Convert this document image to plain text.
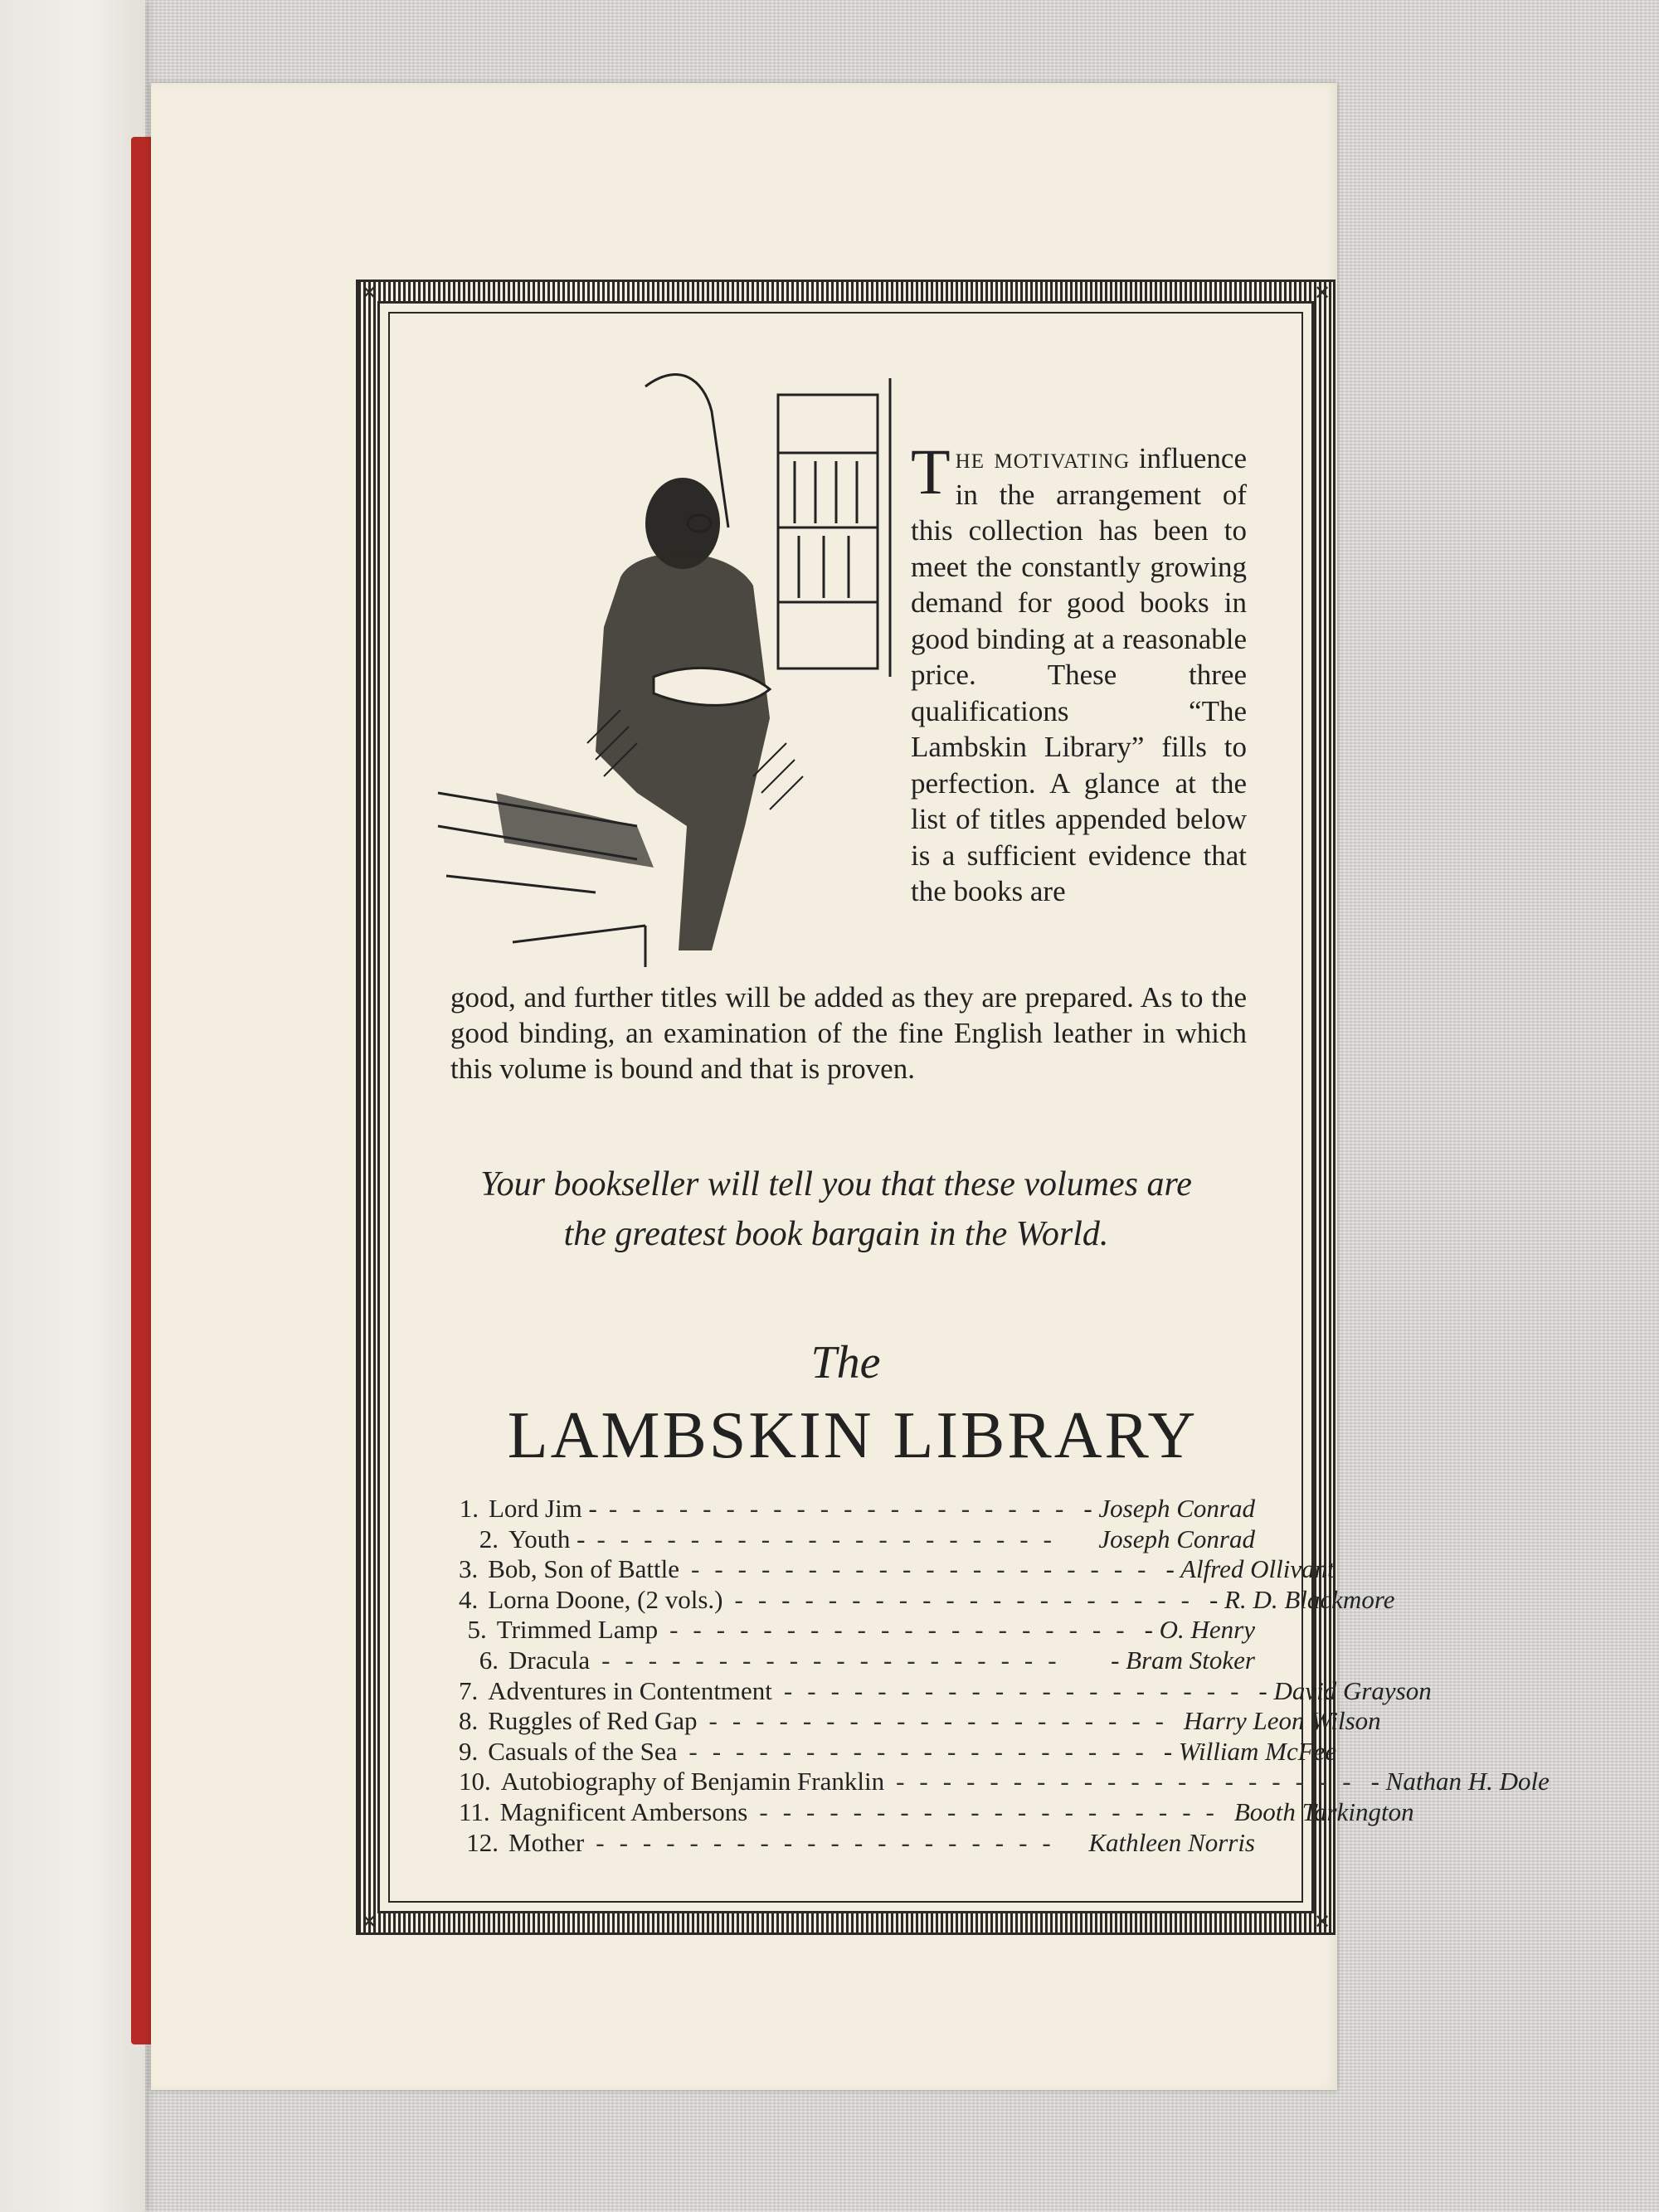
✕	✕
✕	✕
The motivating influence in the arrangement of this collection has been to meet the constantly growing demand for good books in good binding at a reasonable price. These three qualifications “The Lambskin Library” fills to perfection. A glance at the list of titles appended below is a sufficient evidence that the books are
good, and further titles will be added as they are prepared. As to the good binding, an examination of the fine English leather in which this volume is bound and that is proven.
Your bookseller will tell you that these volumes are the greatest book bargain in the World.
The
LAMBSKIN LIBRARY
1. Lord Jim - -------------------- - Joseph Conrad
2. Youth - --------------------	Joseph Conrad
3. Bob, Son of Battle -------------------- - Alfred Ollivant
4. Lorna Doone, (2 vols.) -------------------- - R. D. Blackmore
5. Trimmed Lamp -------------------- - O. Henry
6. Dracula --------------------	- Bram Stoker
7. Adventures in Contentment -------------------- - David Grayson
8. Ruggles of Red Gap -------------------- Harry Leon Wilson
9. Casuals of the Sea -------------------- - William McFee
10. Autobiography of Benjamin Franklin -------------------- - Nathan H. Dole
11. Magnificent Ambersons -------------------- Booth Tarkington
12. Mother -------------------- Kathleen Norris
